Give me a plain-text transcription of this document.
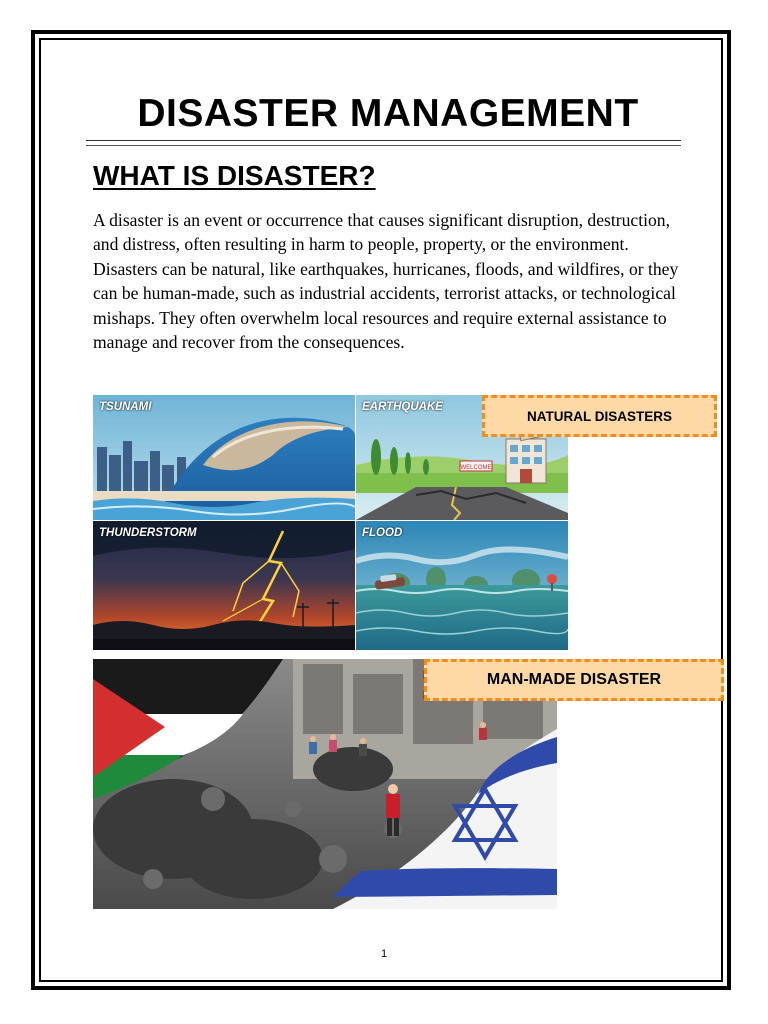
DISASTER MANAGEMENT
WHAT IS DISASTER?

A disaster is an event or occurrence that causes significant disruption, destruction, and distress, often resulting in harm to people, property, or the environment. Disasters can be natural, like earthquakes, hurricanes, floods, and wildfires, or they can be human-made, such as industrial accidents, terrorist attacks, or technological mishaps. They often overwhelm local resources and require external assistance to manage and recover from the consequences.

TSUNAMI
WELCOME
EARTHQUAKE
THUNDERSTORM	FLOOD
NATURAL DISASTERS
MAN-MADE DISASTER
1
